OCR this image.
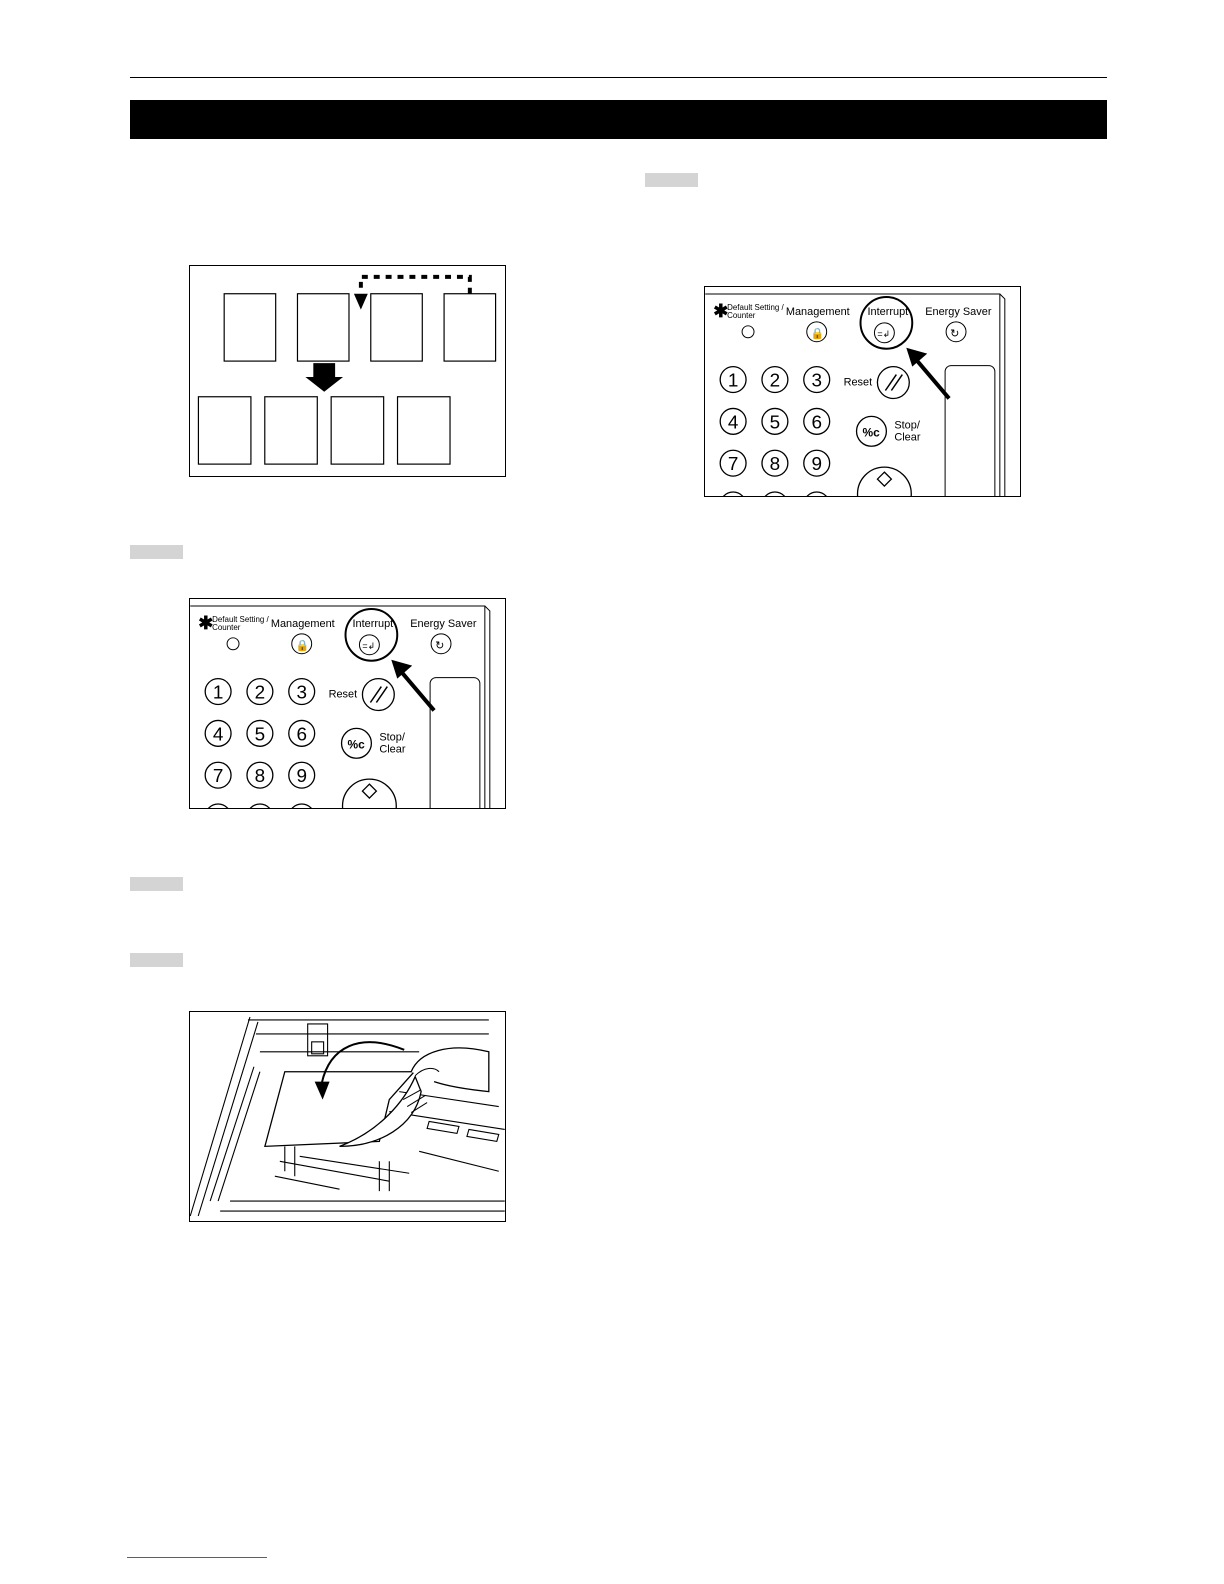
✱
Default Setting /
Counter	Management
🔒
Interrupt
=↲
Energy Saver
↻
1 2 3
4 5 6
7 8 9
Reset
%c Stop/
Clear
✱
Default Setting /
Counter	Management
🔒
Interrupt
=↲
Energy Saver
↻
1 2 3
4 5 6
7 8 9
Reset
%c Stop/
Clear
